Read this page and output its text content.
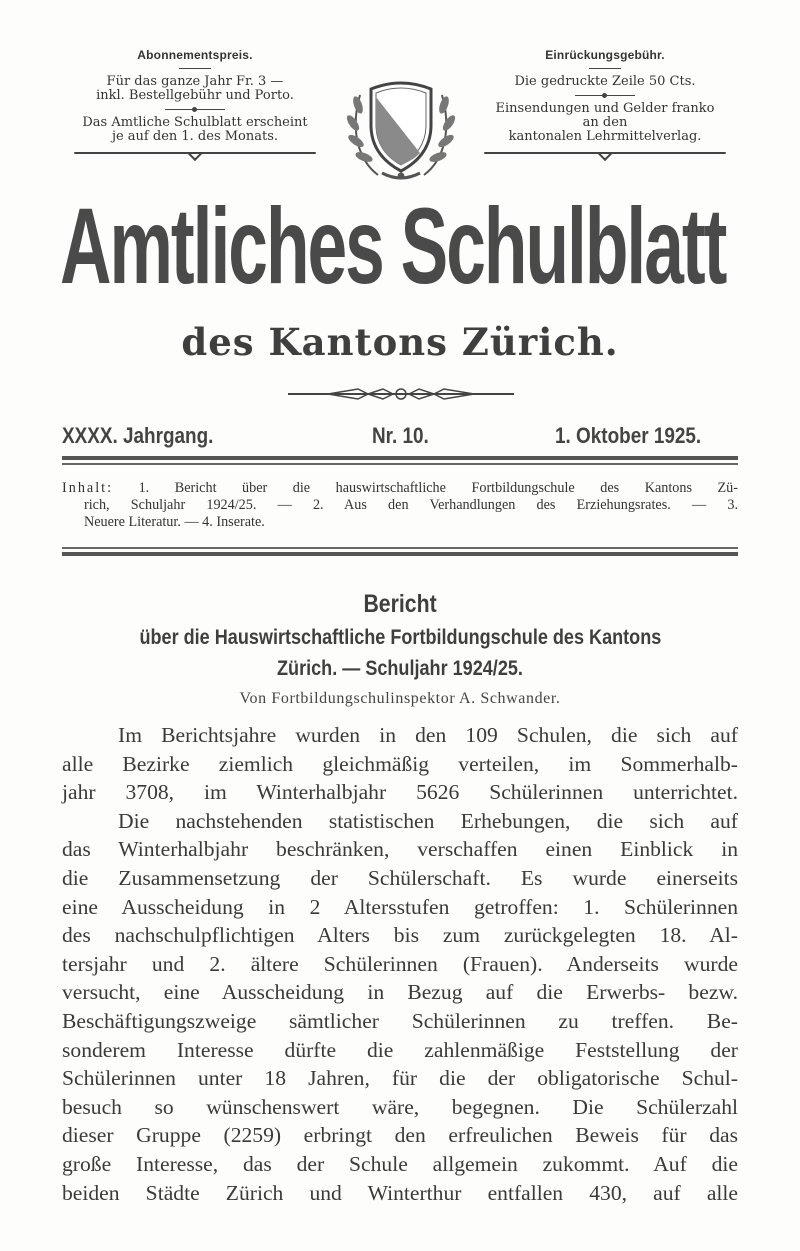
Abonnementspreis.
Für das ganze Jahr Fr. 3 —
inkl. Bestellgebühr und Porto.
Das Amtliche Schulblatt erscheint
je auf den 1. des Monats.
Einrückungsgebühr.
Die gedruckte Zeile 50 Cts.
Einsendungen und Gelder franko
an den
kantonalen Lehrmittelverlag.
Amtliches Schulblatt
des Kantons Zürich.
XXXX. Jahrgang.	Nr. 10.	1. Oktober 1925.
Inhalt: 1. Bericht über die hauswirtschaftliche Fortbildungschule des Kantons Zü-
rich, Schuljahr 1924/25. — 2. Aus den Verhandlungen des Erziehungsrates. — 3.
Neuere Literatur. — 4. Inserate.
Bericht
über die Hauswirtschaftliche Fortbildungschule des Kantons
Zürich. — Schuljahr 1924/25.
Von Fortbildungschulinspektor A. Schwander.
Im Berichtsjahre wurden in den 109 Schulen, die sich auf
alle Bezirke ziemlich gleichmäßig verteilen, im Sommerhalb-
jahr 3708, im Winterhalbjahr 5626 Schülerinnen unterrichtet.
Die nachstehenden statistischen Erhebungen, die sich auf
das Winterhalbjahr beschränken, verschaffen einen Einblick in
die Zusammensetzung der Schülerschaft. Es wurde einerseits
eine Ausscheidung in 2 Altersstufen getroffen: 1. Schülerinnen
des nachschulpflichtigen Alters bis zum zurückgelegten 18. Al-
tersjahr und 2. ältere Schülerinnen (Frauen). Anderseits wurde
versucht, eine Ausscheidung in Bezug auf die Erwerbs- bezw.
Beschäftigungszweige sämtlicher Schülerinnen zu treffen. Be-
sonderem Interesse dürfte die zahlenmäßige Feststellung der
Schülerinnen unter 18 Jahren, für die der obligatorische Schul-
besuch so wünschenswert wäre, begegnen. Die Schülerzahl
dieser Gruppe (2259) erbringt den erfreulichen Beweis für das
große Interesse, das der Schule allgemein zukommt. Auf die
beiden Städte Zürich und Winterthur entfallen 430, auf alle
